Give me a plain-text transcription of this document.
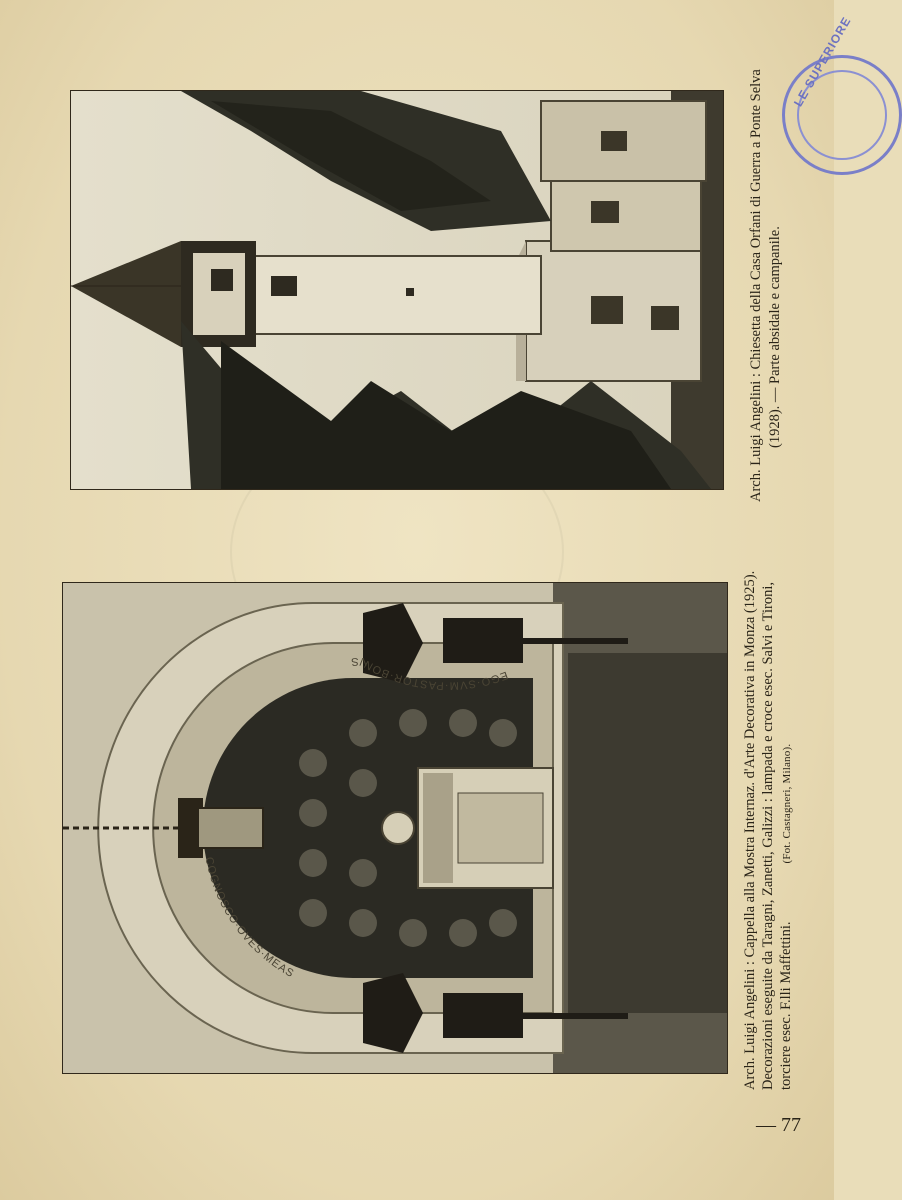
LE SUPERIORE
EGO·SVM·PASTOR·BONVS
COGNOSCO·OVES·MEAS
Arch. Luigi Angelini : Chiesetta della Casa Orfani di Guerra a Ponte Selva (1928). — Parte absidale e campanile.
Arch. Luigi Angelini : Cappella alla Mostra Internaz. d'Arte Decorativa in Monza (1925). Decorazioni eseguite da Taragni, Zanetti, Galizzi : lampada e croce esec. Salvi e Tironi, torciere esec. F.lli Maffettini.(Fot. Castagneri, Milano).
— 77
